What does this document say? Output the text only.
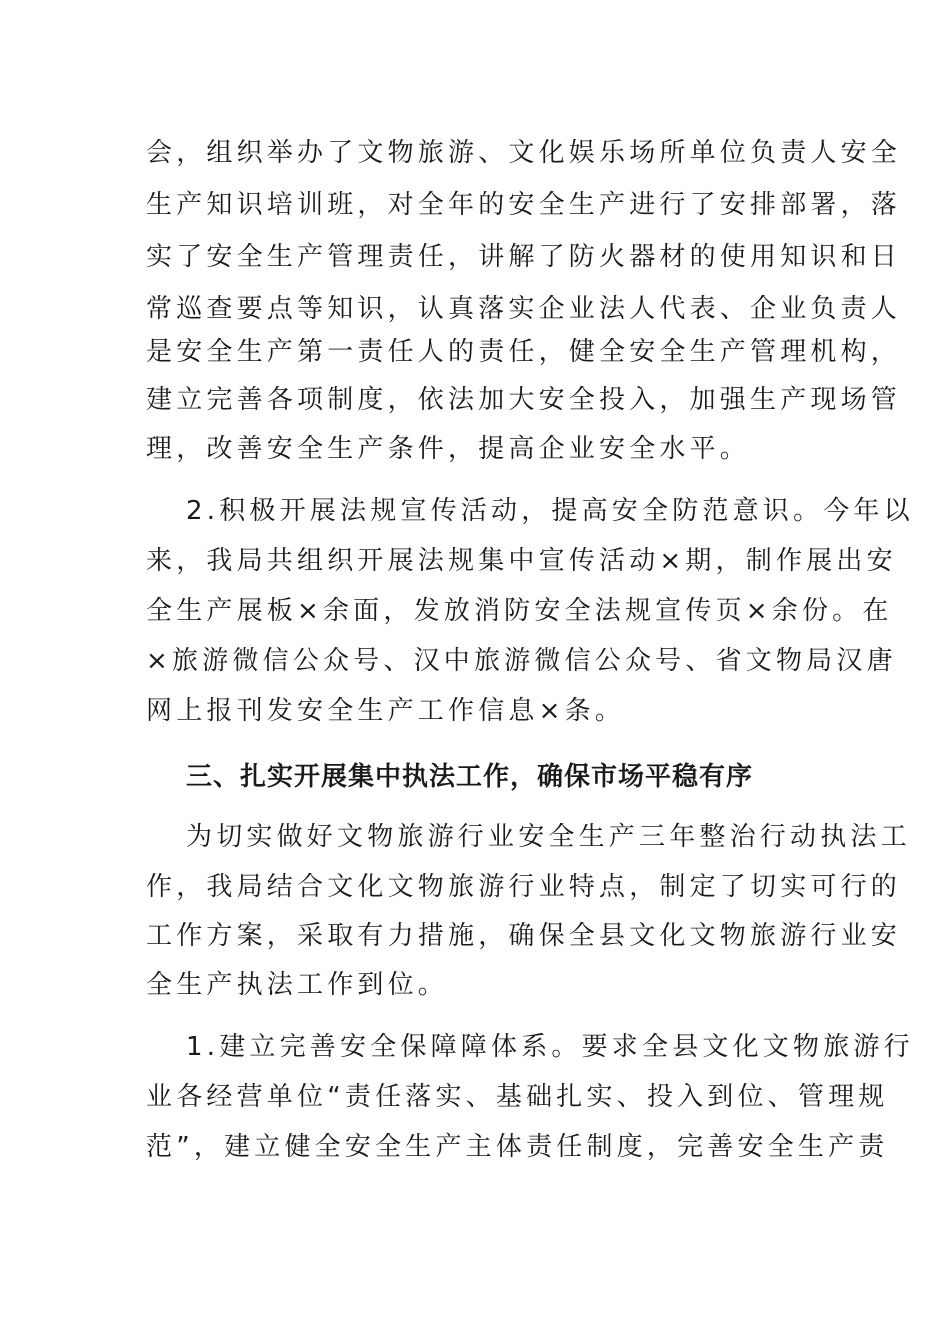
会，组织举办了文物旅游、文化娱乐场所单位负责人安全
生产知识培训班，对全年的安全生产进行了安排部署，落
实了安全生产管理责任，讲解了防火器材的使用知识和日
常巡查要点等知识，认真落实企业法人代表、企业负责人
是安全生产第一责任人的责任，健全安全生产管理机构，
建立完善各项制度，依法加大安全投入，加强生产现场管
理，改善安全生产条件，提高企业安全水平。
2.积极开展法规宣传活动，提高安全防范意识。今年以
来，我局共组织开展法规集中宣传活动×期，制作展出安
全生产展板×余面，发放消防安全法规宣传页×余份。在
×旅游微信公众号、汉中旅游微信公众号、省文物局汉唐
网上报刊发安全生产工作信息×条。
三、扎实开展集中执法工作，确保市场平稳有序
为切实做好文物旅游行业安全生产三年整治行动执法工
作，我局结合文化文物旅游行业特点，制定了切实可行的
工作方案，采取有力措施，确保全县文化文物旅游行业安
全生产执法工作到位。
1.建立完善安全保障障体系。要求全县文化文物旅游行
业各经营单位“责任落实、基础扎实、投入到位、管理规
范”，建立健全安全生产主体责任制度，完善安全生产责
